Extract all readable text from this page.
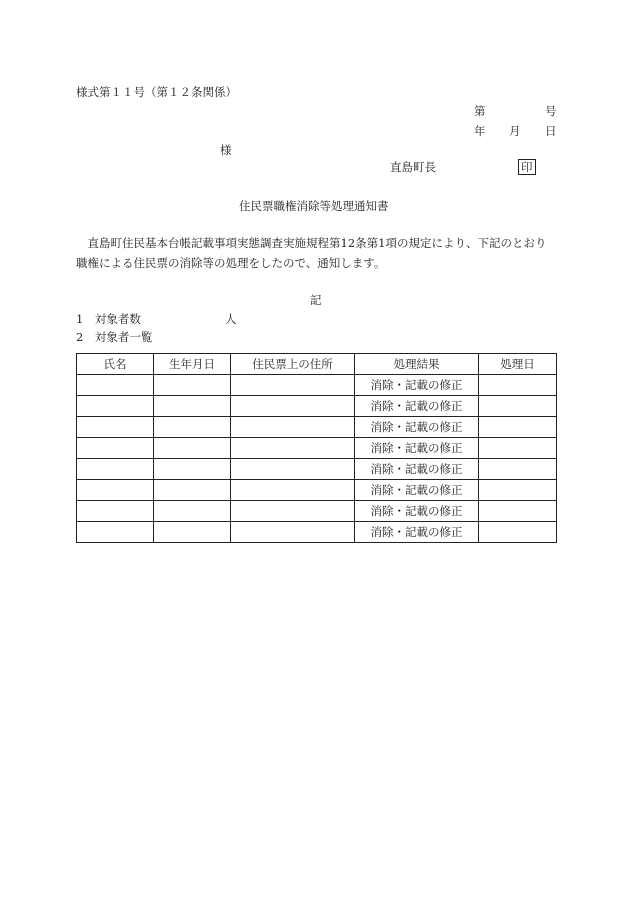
様式第１１号（第１２条関係）
第	号
年 月 日
様
直島町長	印
住民票職権消除等処理通知書
　直島町住民基本台帳記載事項実態調査実施規程第12条第1項の規定により、下記のとおり
職権による住民票の消除等の処理をしたので、通知します。
記
1　対象者数	人
2　対象者一覧
氏名	生年月日	住民票上の住所	処理結果	処理日
			消除・記載の修正	
			消除・記載の修正	
			消除・記載の修正	
			消除・記載の修正	
			消除・記載の修正	
			消除・記載の修正	
			消除・記載の修正	
			消除・記載の修正	
